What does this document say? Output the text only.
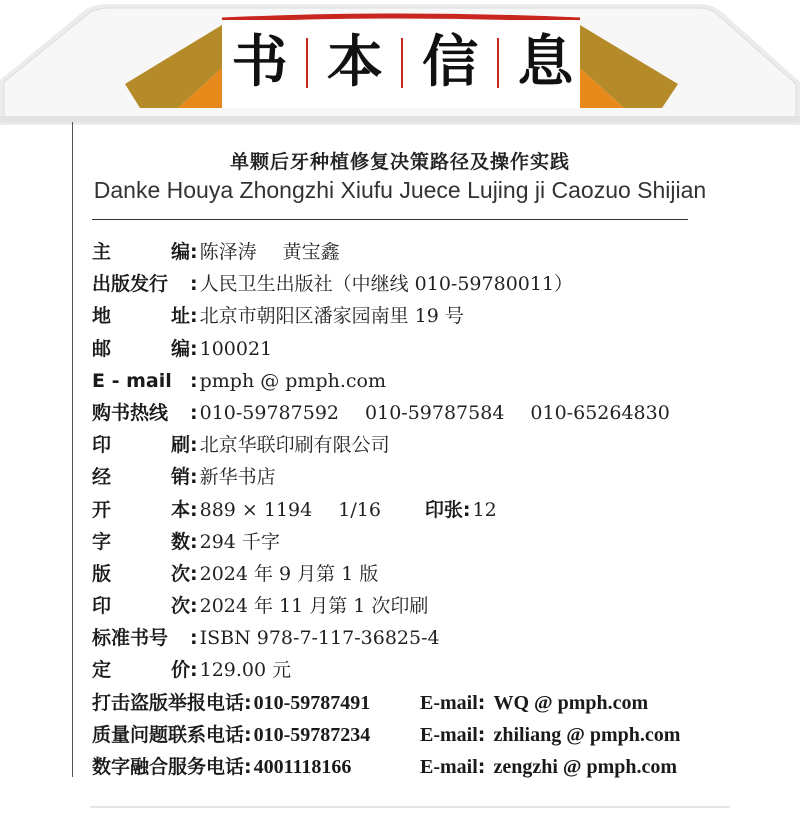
书 本 信 息
单颗后牙种植修复决策路径及操作实践
Danke Houya Zhongzhi Xiufu Juece Lujing ji Caozuo Shijian
主	编 : 陈泽涛 黄宝鑫
出版发行	: 人民卫生出版社（中继线 010-59780011）
地	址 : 北京市朝阳区潘家园南里 19 号
邮	编 : 100021
E - mail : pmph @ pmph.com
购书热线	: 010-59787592 010-59787584 010-65264830
印	刷 : 北京华联印刷有限公司
经	销 : 新华书店
开	本 : 889 × 1194 1/16 印张 : 12
字	数 : 294 千字
版	次 : 2024 年 9 月第 1 版
印	次 : 2024 年 11 月第 1 次印刷
标准书号	: ISBN 978-7-117-36825-4
定	价 : 129.00 元
打击盗版举报电话 : 010-59787491 E-mail: WQ @ pmph.com
质量问题联系电话 : 010-59787234 E-mail: zhiliang @ pmph.com
数字融合服务电话 : 4001118166	E-mail: zengzhi @ pmph.com
